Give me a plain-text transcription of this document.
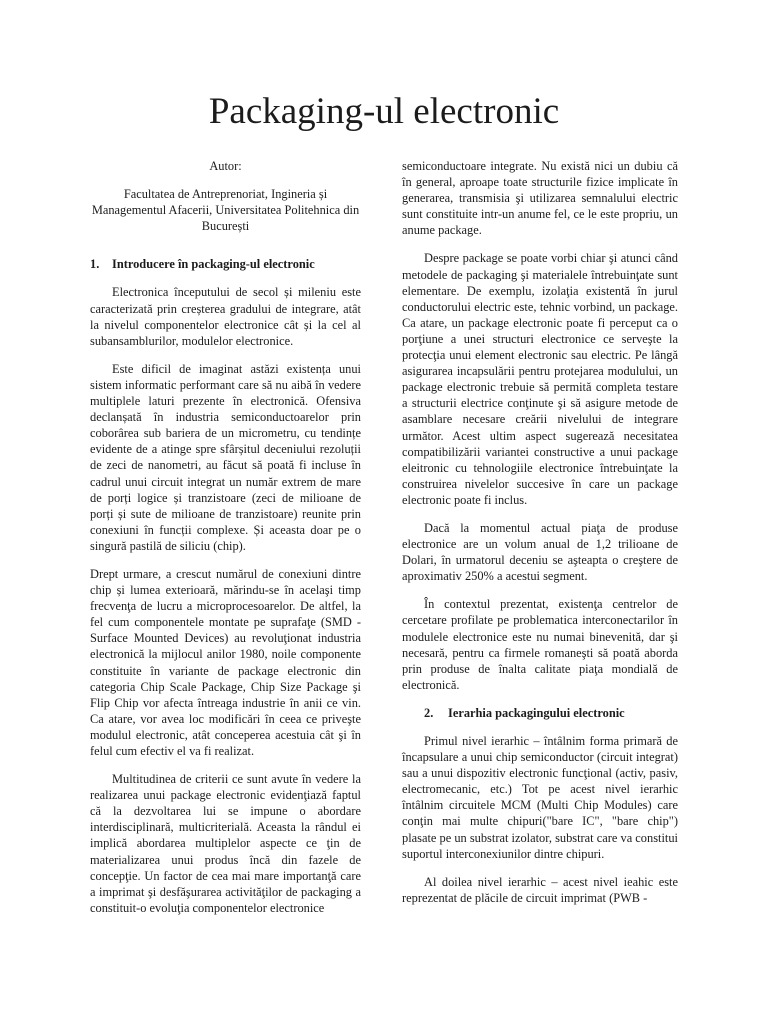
Packaging-ul electronic

Autor:

Facultatea de Antreprenoriat, Ingineria și Managementul Afacerii, Universitatea Politehnica din București

1. Introducere în packaging-ul electronic

Electronica începutului de secol și mileniu este caracterizată prin creșterea gradului de integrare, atât la nivelul componentelor electronice cât și la cel al subansamblurilor, modulelor electronice.

Este dificil de imaginat astăzi existența unui sistem informatic performant care să nu aibă în vedere multiplele laturi prezente în electronică. Ofensiva declanșată în industria semiconductoarelor prin coborârea sub bariera de un micrometru, cu tendințe evidente de a atinge spre sfârșitul deceniului rezoluții de zeci de nanometri, au făcut să poată fi incluse în cadrul unui circuit integrat un număr extrem de mare de porți logice și tranzistoare (zeci de milioane de porți și sute de milioane de tranzistoare) reunite prin conexiuni în funcții complexe. Și aceasta doar pe o singură pastilă de siliciu (chip).

Drept urmare, a crescut numărul de conexiuni dintre chip și lumea exterioară, mărindu-se în acelaşi timp frecvenţa de lucru a microprocesoarelor. De altfel, la fel cum componentele montate pe suprafaţe (SMD - Surface Mounted Devices) au revoluţionat industria electronică la mijlocul anilor 1980, noile componente constituite în variante de package electronic din categoria Chip Scale Package, Chip Size Package şi Flip Chip vor afecta întreaga industrie în anii ce vin. Ca atare, vor avea loc modificări în ceea ce priveşte modulul electronic, atât conceperea acestuia cât şi în felul cum efectiv el va fi realizat.

Multitudinea de criterii ce sunt avute în vedere la realizarea unui package electronic evidenţiază faptul că la dezvoltarea lui se impune o abordare interdisciplinară, multicriterială. Aceasta la rândul ei implică abordarea multiplelor aspecte ce ţin de materializarea unui produs încă din fazele de concepţie. Un factor de cea mai mare importanţă care a imprimat şi desfăşurarea activităţilor de packaging a constituit-o evoluţia componentelor electronice

semiconductoare integrate. Nu există nici un dubiu că în general, aproape toate structurile fizice implicate în generarea, transmisia şi utilizarea semnalului electric sunt constituite intr-un anume fel, ce le este propriu, un anume package.

Despre package se poate vorbi chiar şi atunci când metodele de packaging şi materialele întrebuinţate sunt elementare. De exemplu, izolaţia existentă în jurul conductorului electric este, tehnic vorbind, un package. Ca atare, un package electronic poate fi perceput ca o porţiune a unei structuri electronice ce serveşte la protecţia unui element electronic sau electric. Pe lângă asigurarea incapsulării pentru protejarea modulului, un package electronic trebuie să permită completa testare a structurii electrice conţinute şi să asigure metode de asamblare necesare creării nivelului de integrare următor. Acest ultim aspect sugerează necesitatea compatibilizării variantei constructive a unui package eleitronic cu tehnologiile electronice întrebuinţate la construirea nivelelor succesive în care un package electronic poate fi inclus.

Dacă la momentul actual piaţa de produse electronice are un volum anual de 1,2 trilioane de Dolari, în urmatorul deceniu se aşteapta o creştere de aproximativ 250% a acestui segment.

În contextul prezentat, existenţa centrelor de cercetare profilate pe problematica interconectarilor în modulele electronice este nu numai binevenită, dar şi necesară, pentru ca firmele romaneşti să poată aborda prin produse de înalta calitate piaţa mondială de electronică.

2. Ierarhia packagingului electronic

Primul nivel ierarhic – întâlnim forma primară de încapsulare a unui chip semiconductor (circuit integrat) sau a unui dispozitiv electronic funcţional (activ, pasiv, electromecanic, etc.) Tot pe acest nivel ierarhic întâlnim circuitele MCM (Multi Chip Modules) care conţin mai multe chipuri("bare IC", "bare chip") plasate pe un substrat izolator, substrat care va constitui suportul interconexiunilor dintre chipuri.

Al doilea nivel ierarhic – acest nivel ieahic este reprezentat de plăcile de circuit imprimat (PWB -
